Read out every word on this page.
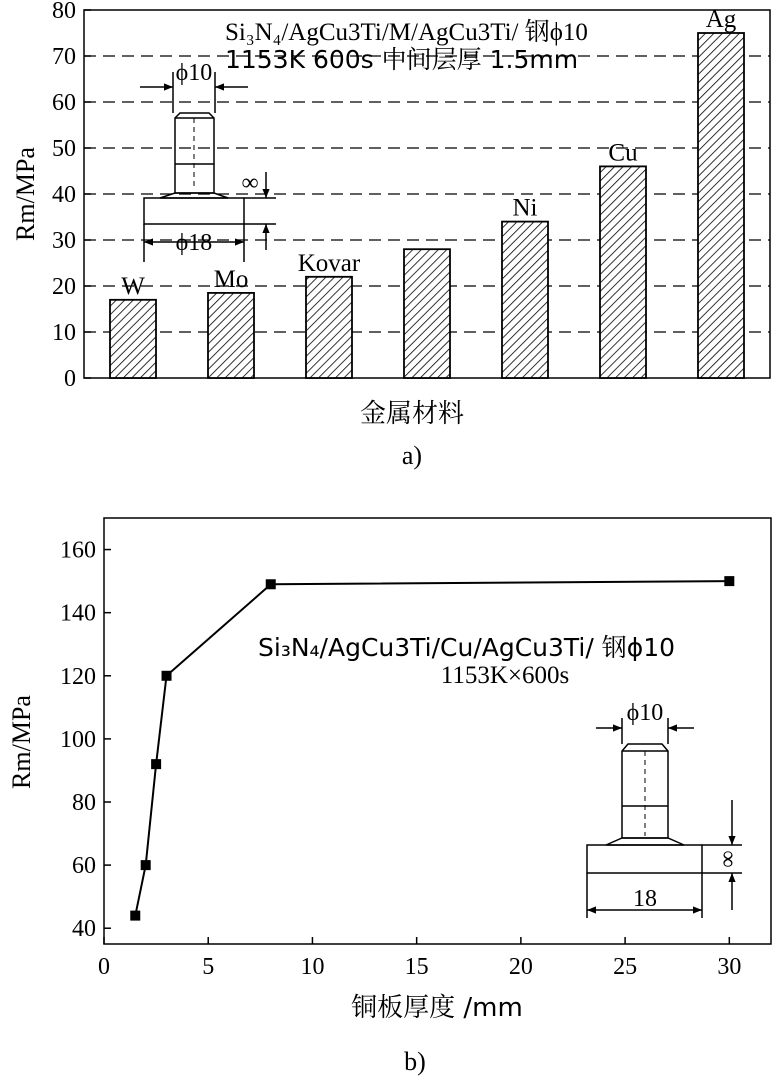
0
10
20
30
40
50
60
70
80
W	Mo
Kovar
Ni
Cu
Ag
Si₃N₄/AgCu3Ti/M/AgCu3Ti/ 钢ϕ10
1153K 600s 中间层厚 1.5mm
Rm/MPa
金属材料
a)
ϕ10
ϕ18
∞
40
60
80
100
120
140
160
0	5	10	15	20	25	30
Si₃N₄/AgCu3Ti/Cu/AgCu3Ti/ 钢ϕ10
1153K×600s
Rm/MPa
铜板厚度 /mm
b)
ϕ10
18
∞
